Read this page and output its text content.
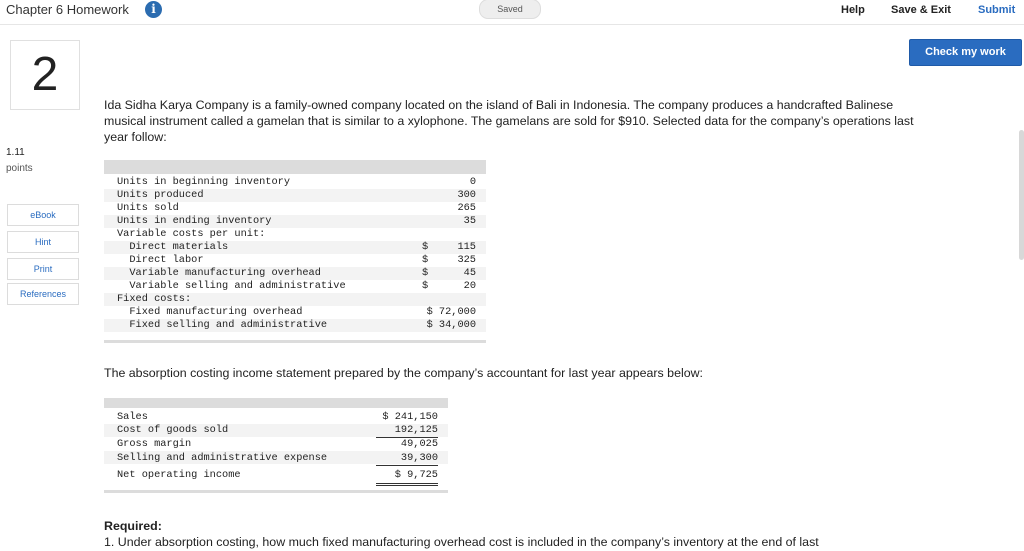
Chapter 6 Homework	i	Saved	Help Save & Exit Submit
Check my work
2
1.11
points
eBook
Hint
Print
References
Ida Sidha Karya Company is a family-owned company located on the island of Bali in Indonesia. The company produces a handcrafted Balinese musical instrument called a gamelan that is similar to a xylophone. The gamelans are sold for $910. Selected data for the company’s operations last year follow:
Units in beginning inventory	0
Units produced	300
Units sold	265
Units in ending inventory	35
Variable costs per unit:
Direct materials	$	115
Direct labor	$	325
Variable manufacturing overhead	$	45
Variable selling and administrative	$	20
Fixed costs:
Fixed manufacturing overhead	$ 72,000
Fixed selling and administrative	$ 34,000
The absorption costing income statement prepared by the company’s accountant for last year appears below:
Sales	$ 241,150
Cost of goods sold	192,125
Gross margin	49,025
Selling and administrative expense	39,300
Net operating income	$ 9,725
Required:
1. Under absorption costing, how much fixed manufacturing overhead cost is included in the company’s inventory at the end of last
